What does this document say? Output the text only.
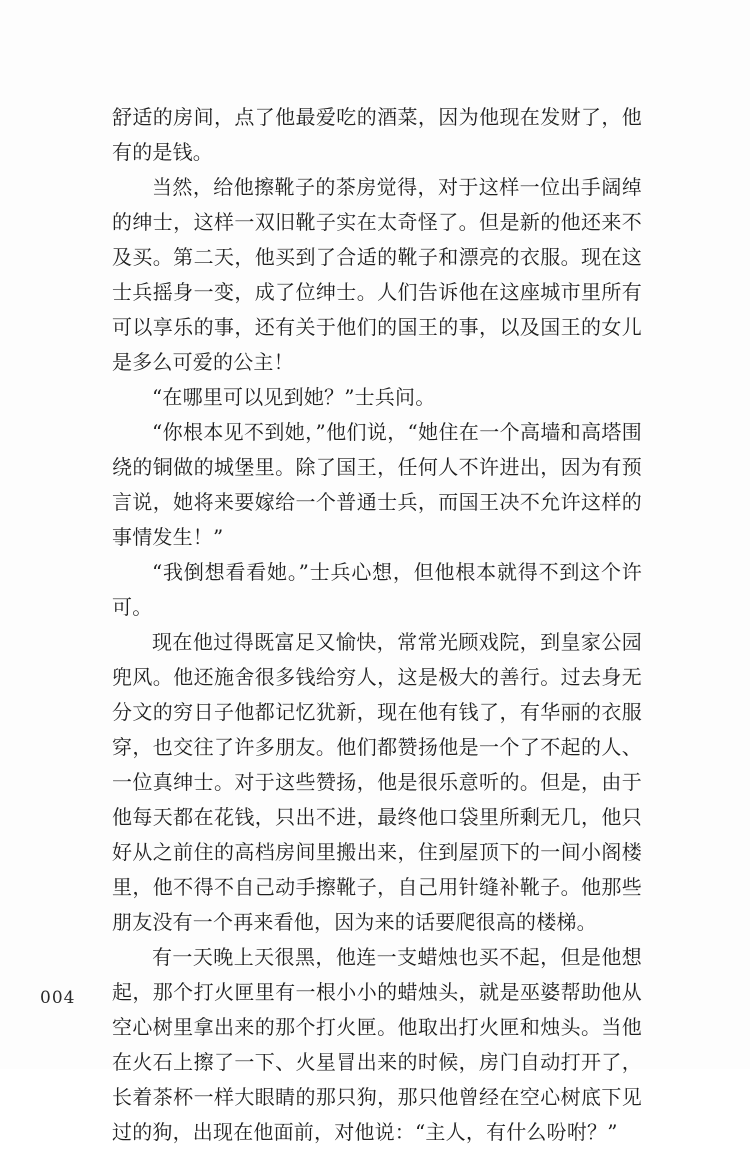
舒适的房间，点了他最爱吃的酒菜，因为他现在发财了，他有的是钱。

当然，给他擦靴子的茶房觉得，对于这样一位出手阔绰的绅士，这样一双旧靴子实在太奇怪了。但是新的他还来不及买。第二天，他买到了合适的靴子和漂亮的衣服。现在这士兵摇身一变，成了位绅士。人们告诉他在这座城市里所有可以享乐的事，还有关于他们的国王的事，以及国王的女儿是多么可爱的公主！

“在哪里可以见到她？”士兵问。

“你根本见不到她，”他们说，“她住在一个高墙和高塔围绕的铜做的城堡里。除了国王，任何人不许进出，因为有预言说，她将来要嫁给一个普通士兵，而国王决不允许这样的事情发生！”

“我倒想看看她。”士兵心想，但他根本就得不到这个许可。

现在他过得既富足又愉快，常常光顾戏院，到皇家公园兜风。他还施舍很多钱给穷人，这是极大的善行。过去身无分文的穷日子他都记忆犹新，现在他有钱了，有华丽的衣服穿，也交往了许多朋友。他们都赞扬他是一个了不起的人、一位真绅士。对于这些赞扬，他是很乐意听的。但是，由于他每天都在花钱，只出不进，最终他口袋里所剩无几，他只好从之前住的高档房间里搬出来，住到屋顶下的一间小阁楼里，他不得不自己动手擦靴子，自己用针缝补靴子。他那些朋友没有一个再来看他，因为来的话要爬很高的楼梯。

有一天晚上天很黑，他连一支蜡烛也买不起，但是他想起，那个打火匣里有一根小小的蜡烛头，就是巫婆帮助他从空心树里拿出来的那个打火匣。他取出打火匣和烛头。当他在火石上擦了一下、火星冒出来的时候，房门自动打开了，长着茶杯一样大眼睛的那只狗，那只他曾经在空心树底下见过的狗，出现在他面前，对他说：“主人，有什么吩咐？”

004
